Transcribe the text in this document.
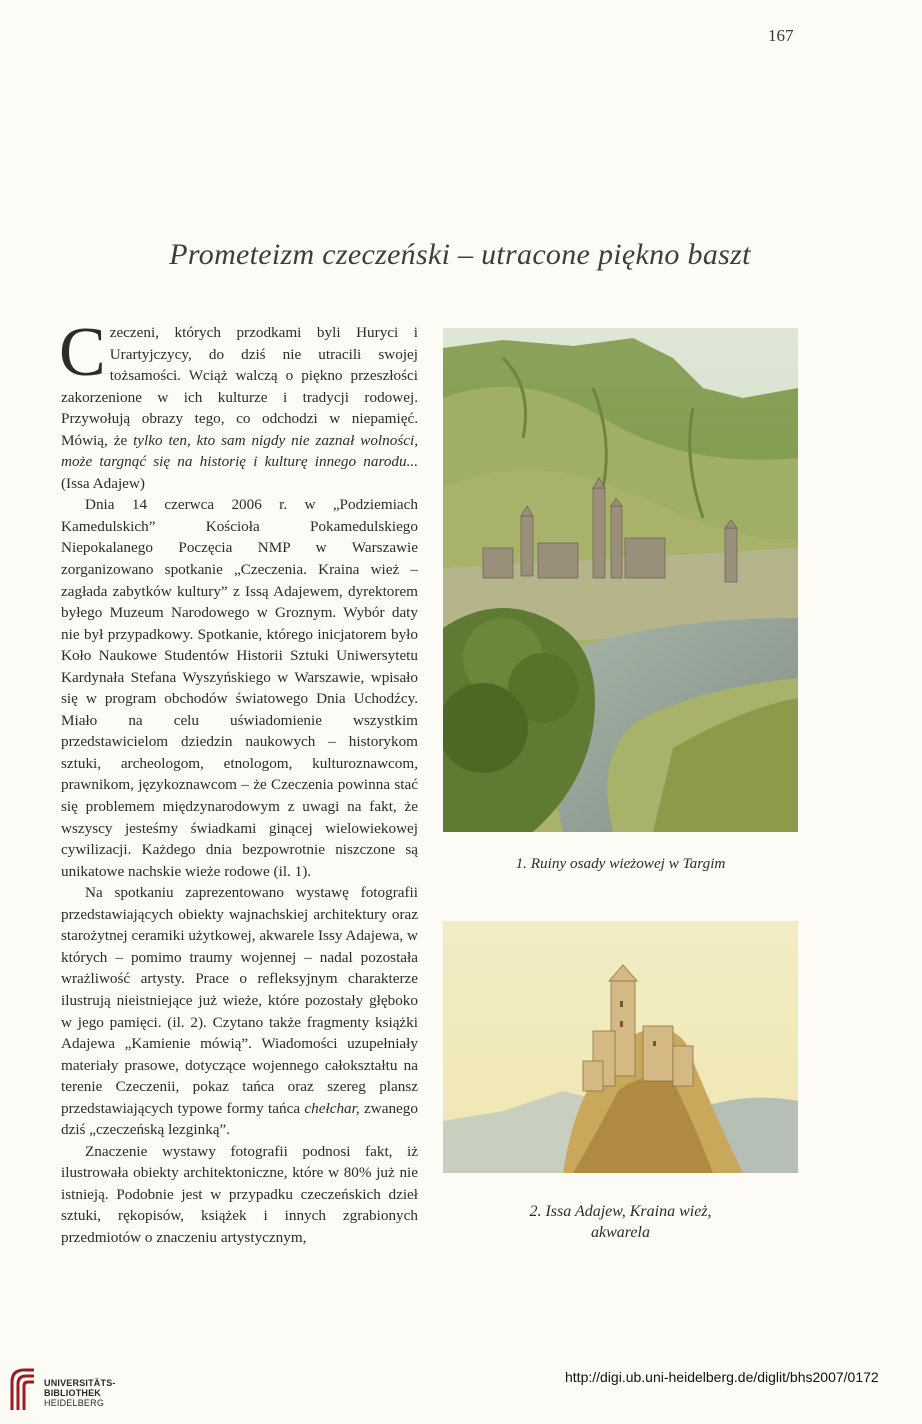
167
Prometeizm czeczeński – utracone piękno baszt

Czeczeni, których przodkami byli Huryci i Urartyjczycy, do dziś nie utracili swojej tożsamości. Wciąż walczą o piękno przeszłości zakorzenione w ich kulturze i tradycji rodowej. Przywołują obrazy tego, co odchodzi w niepamięć. Mówią, że tylko ten, kto sam nigdy nie zaznał wolności, może targnąć się na historię i kulturę innego narodu... (Issa Adajew)

Dnia 14 czerwca 2006 r. w „Podziemiach Kamedulskich” Kościoła Pokamedulskiego Niepokalanego Poczęcia NMP w Warszawie zorganizowano spotkanie „Czeczenia. Kraina wież – zagłada zabytków kultury” z Issą Adajewem, dyrektorem byłego Muzeum Narodowego w Groznym. Wybór daty nie był przypadkowy. Spotkanie, którego inicjatorem było Koło Naukowe Studentów Historii Sztuki Uniwersytetu Kardynała Stefana Wyszyńskiego w Warszawie, wpisało się w program obchodów światowego Dnia Uchodźcy. Miało na celu uświadomienie wszystkim przedstawicielom dziedzin naukowych – historykom sztuki, archeologom, etnologom, kulturoznawcom, prawnikom, językoznawcom – że Czeczenia powinna stać się problemem międzynarodowym z uwagi na fakt, że wszyscy jesteśmy świadkami ginącej wielowiekowej cywilizacji. Każdego dnia bezpowrotnie niszczone są unikatowe nachskie wieże rodowe (il. 1).

Na spotkaniu zaprezentowano wystawę fotografii przedstawiających obiekty wajnachskiej architektury oraz starożytnej ceramiki użytkowej, akwarele Issy Adajewa, w których – pomimo traumy wojennej – nadal pozostała wrażliwość artysty. Prace o refleksyjnym charakterze ilustrują nieistniejące już wieże, które pozostały głęboko w jego pamięci. (il. 2). Czytano także fragmenty książki Adajewa „Kamienie mówią”. Wiadomości uzupełniały materiały prasowe, dotyczące wojennego całokształtu na terenie Czeczenii, pokaz tańca oraz szereg plansz przedstawiających typowe formy tańca chełchar, zwanego dziś „czeczeńską lezginką”.

Znaczenie wystawy fotografii podnosi fakt, iż ilustrowała obiekty architektoniczne, które w 80% już nie istnieją. Podobnie jest w przypadku czeczeńskich dzieł sztuki, rękopisów, książek i innych zgrabionych przedmiotów o znaczeniu artystycznym,

1. Ruiny osady wieżowej w Targim
2. Issa Adajew, Kraina wież,
akwarela
UNIVERSITÄTS-
BIBLIOTHEK
HEIDELBERG
http://digi.ub.uni-heidelberg.de/diglit/bhs2007/0172
